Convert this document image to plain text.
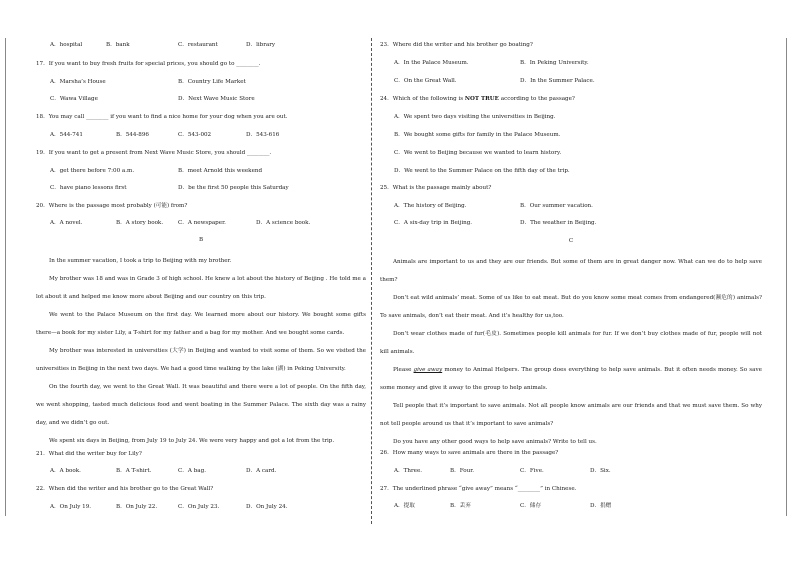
A．hospital	B．bank	C．restaurant	D．library
17．If you want to buy fresh fruits for special prices, you should go to ________.
A．Marsha’s House	B．Country Life Market
C．Wawa Village	D．Next Wave Music Store
18．You may call ________ if you want to find a nice home for your dog when you are out.
A．544-741	B．544-896	C．543-002	D．543-616
19．If you want to get a present from Next Wave Music Store, you should ________.
A．get there before 7:00 a.m.	B．meet Arnold this weekend
C．have piano lessons first	D．be the first 50 people this Saturday
20．Where is the passage most probably (可能) from?
A．A novel.	B．A story book.	C．A newspaper.	D．A science book.
B
In the summer vacation, I took a trip to Beijing with my brother.
My brother was 18 and was in Grade 3 of high school. He knew a lot about the history of Beijing . He told me a lot about it and helped me know more about Beijing and our country on this trip.
We went to the Palace Museum on the first day. We learned more about our history. We bought some gifts there—a book for my sister Lily, a T-shirt for my father and a bag for my mother. And we bought some cards.
My brother was interested in universities (大学) in Beijing and wanted to visit some of them. So we visited the universities in Beijing in the next two days. We had a good time walking by the lake (湖) in Peking University.
On the fourth day, we went to the Great Wall. It was beautiful and there were a lot of people. On the fifth day, we went shopping, tasted much delicious food and went boating in the Summer Palace. The sixth day was a rainy day, and we didn’t go out.
We spent six days in Beijing, from July 19 to July 24. We were very happy and got a lot from the trip.
21．What did the writer buy for Lily?
A．A book.	B．A T-shirt.	C．A bag.	D．A card.
22．When did the writer and his brother go to the Great Wall?
A．On July 19.	B．On July 22.	C．On July 23.	D．On July 24.
23．Where did the writer and his brother go boating?
A．In the Palace Museum.	B．In Peking University.
C．On the Great Wall.	D．In the Summer Palace.
24．Which of the following is NOT TRUE according to the passage?
A．We spent two days visiting the universities in Beijing.
B．We bought some gifts for family in the Palace Museum.
C．We went to Beijing because we wanted to learn history.
D．We went to the Summer Palace on the fifth day of the trip.
25．What is the passage mainly about?
A．The history of Beijing.	B．Our summer vacation.
C．A six-day trip in Beijing.	D．The weather in Beijing.
C
Animals are important to us and they are our friends. But some of them are in great danger now. What can we do to help save them?
Don’t eat wild animals’ meat. Some of us like to eat meat. But do you know some meat comes from endangered(濒危的) animals? To save animals, don’t eat their meat. And it’s healthy for us,too.
Don’t wear clothes made of fur(毛皮). Sometimes people kill animals for fur. If we don’t buy clothes made of fur, people will not kill animals.
Please give away money to Animal Helpers. The group does everything to help save animals. But it often needs money. So save some money and give it away to the group to help animals.
Tell people that it’s important to save animals. Not all people know animals are our friends and that we must save them. So why not tell people around us that it’s important to save animals?
Do you have any other good ways to help save animals? Write to tell us.
26．How many ways to save animals are there in the passage?
A．Three.	B．Four.	C．Five.	D．Six.
27．The underlined phrase “give away” means “________” in Chinese.
A．提取	B．丢弃	C．储存	D．捐赠
